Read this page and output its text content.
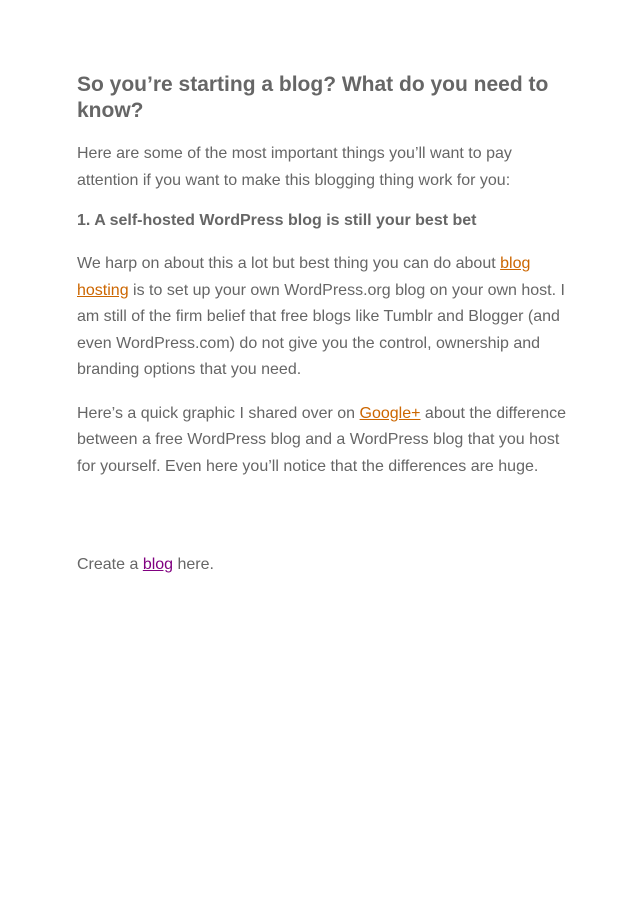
So you’re starting a blog? What do you need to know?

Here are some of the most important things you’ll want to pay attention if you want to make this blogging thing work for you:

1. A self-hosted WordPress blog is still your best bet

We harp on about this a lot but best thing you can do about blog hosting is to set up your own WordPress.org blog on your own host. I am still of the firm belief that free blogs like Tumblr and Blogger (and even WordPress.com) do not give you the control, ownership and branding options that you need.

Here’s a quick graphic I shared over on Google+ about the difference between a free WordPress blog and a WordPress blog that you host for yourself. Even here you’ll notice that the differences are huge.

Create a blog here.
